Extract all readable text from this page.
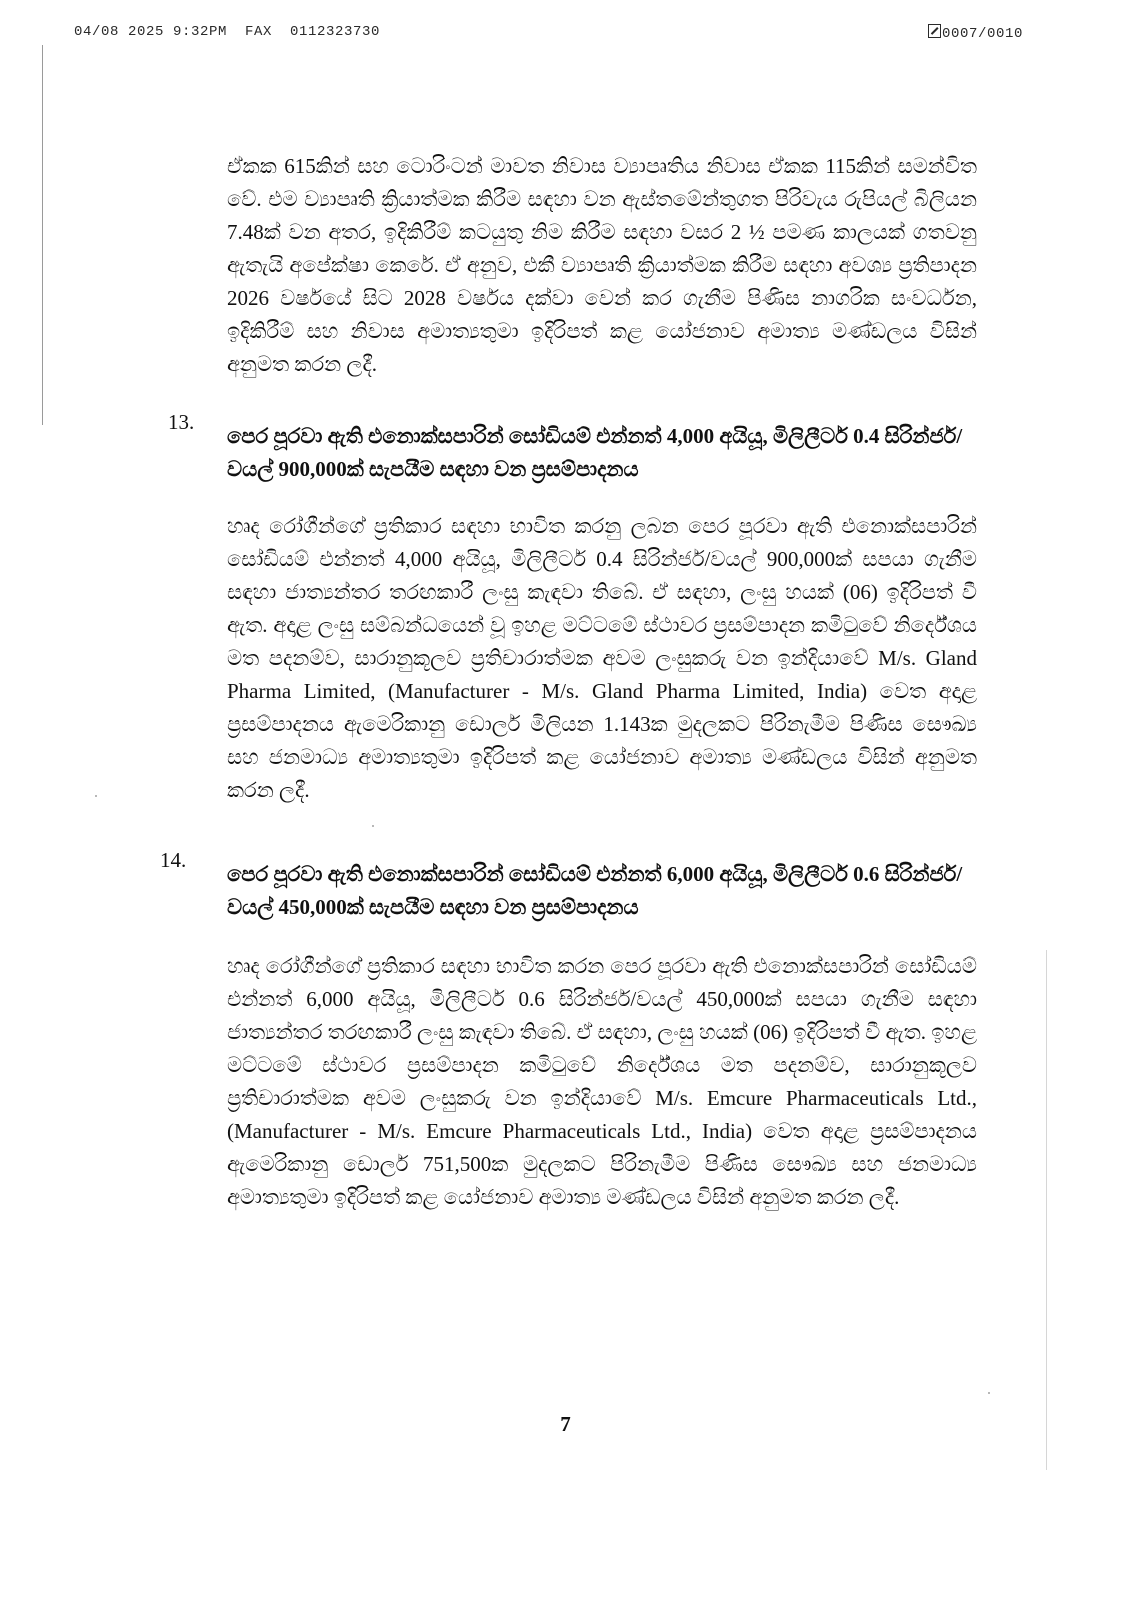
04/08 2025 9:32PM  FAX  0112323730	0007/0010
ඒකක 615කින් සහ ටොරිංටන් මාවත නිවාස ව්‍යාපෘතිය නිවාස ඒකක 115කින් සමන්විත වේ. එම ව්‍යාපෘති ක්‍රියාත්මක කිරීම සඳහා වන ඇස්තමේන්තුගත පිරිවැය රුපියල් බිලියන 7.48ක් වන අතර, ඉදිකිරීම් කටයුතු නිම කිරීම සඳහා වසර 2 ½ පමණ කාලයක් ගතවනු ඇතැයි අපේක්ෂා කෙරේ. ඒ අනුව, එකී ව්‍යාපෘති ක්‍රියාත්මක කිරීම සඳහා අවශ්‍ය ප්‍රතිපාදන 2026 වර්ෂයේ සිට 2028 වර්ෂය දක්වා වෙන් කර ගැනීම පිණිස නාගරික සංවර්ධන, ඉදිකිරීම් සහ නිවාස අමාත්‍යතුමා ඉදිරිපත් කළ යෝජනාව අමාත්‍ය මණ්ඩලය විසින් අනුමත කරන ලදී.
13.
පෙර පූරවා ඇති එනොක්සපාරින් සෝඩියම් එන්නත් 4,000 අයියූ, මිලිලීටර් 0.4 සිරින්ජර්/වයල් 900,000ක් සැපයීම සඳහා වන ප්‍රසම්පාදනය
හෘද රෝගීන්ගේ ප්‍රතිකාර සඳහා භාවිත කරනු ලබන පෙර පූරවා ඇති එනොක්සපාරින් සෝඩියම් එන්නත් 4,000 අයියූ, මිලිලීටර් 0.4 සිරින්ජර්/වයල් 900,000ක් සපයා ගැනීම සඳහා ජාත්‍යන්තර තරඟකාරී ලංසු කැඳවා තිබේ. ඒ සඳහා, ලංසු හයක් (06) ඉදිරිපත් වී ඇත. අදාළ ලංසු සම්බන්ධයෙන් වූ ඉහළ මට්ටමේ ස්ථාවර ප්‍රසම්පාදන කමිටුවේ නිර්දේශය මත පදනම්ව, සාරානුකූලව ප්‍රතිචාරාත්මක අවම ලංසුකරු වන ඉන්දියාවේ M/s. Gland Pharma Limited, (Manufacturer - M/s. Gland Pharma Limited, India) වෙත අදාළ ප්‍රසම්පාදනය ඇමෙරිකානු ඩොලර් මිලියන 1.143ක මුදලකට පිරිනැමීම පිණිස සෞඛ්‍ය සහ ජනමාධ්‍ය අමාත්‍යතුමා ඉදිරිපත් කළ යෝජනාව අමාත්‍ය මණ්ඩලය විසින් අනුමත කරන ලදී.
14.
පෙර පූරවා ඇති එනොක්සපාරින් සෝඩියම් එන්නත් 6,000 අයියූ, මිලිලීටර් 0.6 සිරින්ජර්/වයල් 450,000ක් සැපයීම සඳහා වන ප්‍රසම්පාදනය
හෘද රෝගීන්ගේ ප්‍රතිකාර සඳහා භාවිත කරන පෙර පූරවා ඇති එනොක්සපාරින් සෝඩියම් එන්නත් 6,000 අයියූ, මිලිලීටර් 0.6 සිරින්ජර්/වයල් 450,000ක් සපයා ගැනීම සඳහා ජාත්‍යන්තර තරඟකාරී ලංසු කැඳවා තිබේ. ඒ සඳහා, ලංසු හයක් (06) ඉදිරිපත් වී ඇත. ඉහළ මට්ටමේ ස්ථාවර ප්‍රසම්පාදන කමිටුවේ නිර්දේශය මත පදනම්ව, සාරානුකූලව ප්‍රතිචාරාත්මක අවම ලංසුකරු වන ඉන්දියාවේ M/s. Emcure Pharmaceuticals Ltd., (Manufacturer - M/s. Emcure Pharmaceuticals Ltd., India) වෙත අදාළ ප්‍රසම්පාදනය ඇමෙරිකානු ඩොලර් 751,500ක මුදලකට පිරිනැමීම පිණිස සෞඛ්‍ය සහ ජනමාධ්‍ය අමාත්‍යතුමා ඉදිරිපත් කළ යෝජනාව අමාත්‍ය මණ්ඩලය විසින් අනුමත කරන ලදී.
7
